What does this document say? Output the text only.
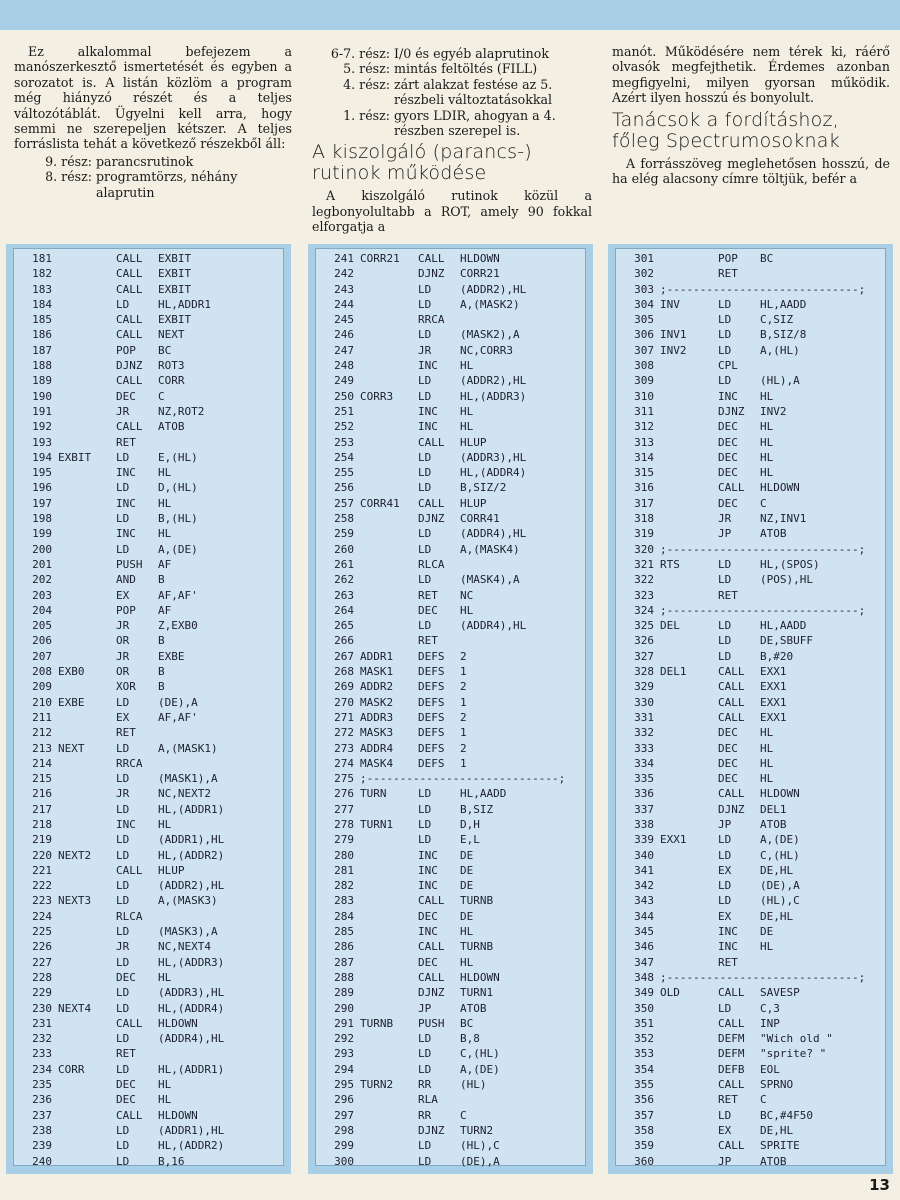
Ez alkalommal befejezem a manószerkesztő ismertetését és egyben a sorozatot is. A listán közlöm a program még hiányzó részét és a teljes változótáblát. Ügyelni kell arra, hogy semmi ne szerepeljen kétszer. A teljes forráslista tehát a következő részekből áll:

9. rész: parancsrutinok
8. rész: programtörzs, néhány alaprutin
6-7. rész: I/0 és egyéb alaprutinok
5. rész: mintás feltöltés (FILL)
4. rész: zárt alakzat festése az 5. részbeli változtatásokkal
1. rész: gyors LDIR, ahogyan a 4. részben szerepel is.
A kiszolgáló (parancs-) rutinok működése

A kiszolgáló rutinok közül a legbonyolultabb a ROT, amely 90 fokkal elforgatja a

manót. Működésére nem térek ki, ráérő olvasók megfejthetik. Érdemes azonban megfigyelni, milyen gyorsan működik. Azért ilyen hosszú és bonyolult.

Tanácsok a fordításhoz, főleg Spectrumosoknak

A forrásszöveg meglehetősen hosszú, de ha elég alacsony címre töltjük, befér a

181	CALL EXBIT
182	CALL EXBIT
183	CALL EXBIT
184	LD	HL,ADDR1
185	CALL EXBIT
186	CALL NEXT
187	POP BC
188	DJNZ ROT3
189	CALL CORR
190	DEC C
191	JR	NZ,ROT2
192	CALL ATOB
193	RET
194 EXBIT LD	E,(HL)
195	INC HL
196	LD	D,(HL)
197	INC HL
198	LD	B,(HL)
199	INC HL
200	LD	A,(DE)
201	PUSH AF
202	AND B
203	EX	AF,AF'
204	POP AF
205	JR	Z,EXB0
206	OR	B
207	JR	EXBE
208 EXB0	OR	B
209	XOR B
210 EXBE	LD	(DE),A
211	EX	AF,AF'
212	RET
213 NEXT	LD	A,(MASK1)
214	RRCA
215	LD	(MASK1),A
216	JR	NC,NEXT2
217	LD	HL,(ADDR1)
218	INC HL
219	LD	(ADDR1),HL
220 NEXT2 LD	HL,(ADDR2)
221	CALL HLUP
222	LD	(ADDR2),HL
223 NEXT3 LD	A,(MASK3)
224	RLCA
225	LD	(MASK3),A
226	JR	NC,NEXT4
227	LD	HL,(ADDR3)
228	DEC HL
229	LD	(ADDR3),HL
230 NEXT4 LD	HL,(ADDR4)
231	CALL HLDOWN
232	LD	(ADDR4),HL
233	RET
234 CORR	LD	HL,(ADDR1)
235	DEC HL
236	DEC HL
237	CALL HLDOWN
238	LD	(ADDR1),HL
239	LD	HL,(ADDR2)
240	LD	B,16
241 CORR21 CALL HLDOWN
242	DJNZ CORR21
243	LD	(ADDR2),HL
244	LD	A,(MASK2)
245	RRCA
246	LD	(MASK2),A
247	JR	NC,CORR3
248	INC HL
249	LD	(ADDR2),HL
250 CORR3 LD	HL,(ADDR3)
251	INC HL
252	INC HL
253	CALL HLUP
254	LD	(ADDR3),HL
255	LD	HL,(ADDR4)
256	LD	B,SIZ/2
257 CORR41 CALL HLUP
258	DJNZ CORR41
259	LD	(ADDR4),HL
260	LD	A,(MASK4)
261	RLCA
262	LD	(MASK4),A
263	RET NC
264	DEC HL
265	LD	(ADDR4),HL
266	RET
267 ADDR1 DEFS 2
268 MASK1 DEFS 1
269 ADDR2 DEFS 2
270 MASK2 DEFS 1
271 ADDR3 DEFS 2
272 MASK3 DEFS 1
273 ADDR4 DEFS 2
274 MASK4 DEFS 1
275 ;-----------------------------;
276 TURN	LD	HL,AADD
277	LD	B,SIZ
278 TURN1 LD	D,H
279	LD	E,L
280	INC DE
281	INC DE
282	INC DE
283	CALL TURNB
284	DEC DE
285	INC HL
286	CALL TURNB
287	DEC HL
288	CALL HLDOWN
289	DJNZ TURN1
290	JP	ATOB
291 TURNB PUSH BC
292	LD	B,8
293	LD	C,(HL)
294	LD	A,(DE)
295 TURN2 RR	(HL)
296	RLA
297	RR	C
298	DJNZ TURN2
299	LD	(HL),C
300	LD	(DE),A
301	POP BC
302	RET
303 ;-----------------------------;
304 INV	LD	HL,AADD
305	LD	C,SIZ
306 INV1	LD	B,SIZ/8
307 INV2	LD	A,(HL)
308	CPL
309	LD	(HL),A
310	INC HL
311	DJNZ INV2
312	DEC HL
313	DEC HL
314	DEC HL
315	DEC HL
316	CALL HLDOWN
317	DEC C
318	JR	NZ,INV1
319	JP	ATOB
320 ;-----------------------------;
321 RTS	LD	HL,(SPOS)
322	LD	(POS),HL
323	RET
324 ;-----------------------------;
325 DEL	LD	HL,AADD
326	LD	DE,SBUFF
327	LD	B,#20
328 DEL1	CALL EXX1
329	CALL EXX1
330	CALL EXX1
331	CALL EXX1
332	DEC HL
333	DEC HL
334	DEC HL
335	DEC HL
336	CALL HLDOWN
337	DJNZ DEL1
338	JP	ATOB
339 EXX1	LD	A,(DE)
340	LD	C,(HL)
341	EX	DE,HL
342	LD	(DE),A
343	LD	(HL),C
344	EX	DE,HL
345	INC DE
346	INC HL
347	RET
348 ;-----------------------------;
349 OLD	CALL SAVESP
350	LD	C,3
351	CALL INP
352	DEFM "Wich old "
353	DEFM "sprite? "
354	DEFB EOL
355	CALL SPRNO
356	RET C
357	LD	BC,#4F50
358	EX	DE,HL
359	CALL SPRITE
360	JP	ATOB
13
